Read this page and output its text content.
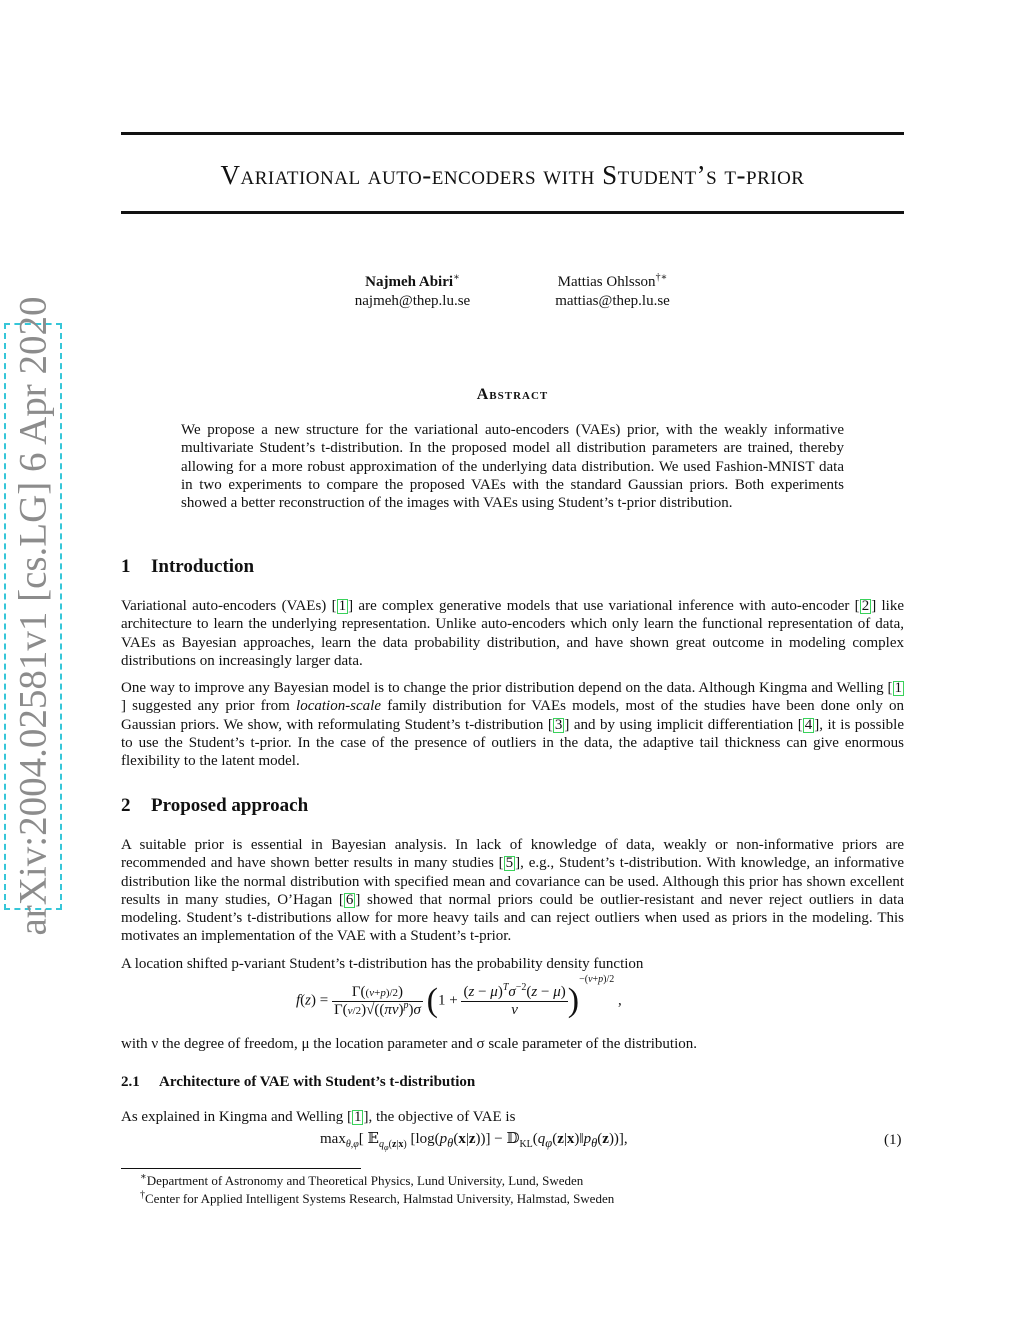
Variational auto-encoders with Student’s t-prior
Najmeh Abiri∗
najmeh@thep.lu.se
Mattias Ohlsson†∗
mattias@thep.lu.se
Abstract
We propose a new structure for the variational auto-encoders (VAEs) prior, with the weakly informative multivariate Student’s t-distribution. In the proposed model all distribution parameters are trained, thereby allowing for a more robust approximation of the underlying data distribution. We used Fashion-MNIST data in two experiments to compare the proposed VAEs with the standard Gaussian priors. Both experiments showed a better reconstruction of the images with VAEs using Student’s t-prior distribution.
1 Introduction
Variational auto-encoders (VAEs) [ 1 ] are complex generative models that use variational inference with auto-encoder [ 2 ] like architecture to learn the underlying representation. Unlike auto-encoders which only learn the functional representation of data, VAEs as Bayesian approaches, learn the data probability distribution, and have shown great outcome in modeling complex distributions on increasingly larger data.
One way to improve any Bayesian model is to change the prior distribution depend on the data. Although Kingma and Welling [ 1] suggested any prior from location-scale family distribution for VAEs models, most of the studies have been done only on Gaussian priors. We show, with reformulating Student’s t-distribution [ 3 ] and by using implicit differentiation [ 4 ], it is possible to use the Student’s t-prior. In the case of the presence of outliers in the data, the adaptive tail thickness can give enormous flexibility to the latent model.
2 Proposed approach
A suitable prior is essential in Bayesian analysis. In lack of knowledge of data, weakly or non-informative priors are recommended and have shown better results in many studies [ 5 ], e.g., Student’s t-distribution. With knowledge, an informative distribution like the normal distribution with specified mean and covariance can be used. Although this prior has shown excellent results in many studies, O’Hagan [ 6 ] showed that normal priors could be outlier-resistant and never reject outliers in data modeling. Student’s t-distributions allow for more heavy tails and can reject outliers when used as priors in the modeling. This motivates an implementation of the VAE with a Student’s t-prior.
A location shifted p-variant Student’s t-distribution has the probability density function
$f(z) = \frac{\Gamma((\nu+p)/2)}{\Gamma(\nu/2)√((\pi\nu)^p)\sigma} (1 + \frac{(z - \mu)^T\sigma^{-2}(z - \mu)}{\nu} )^{-(\nu+p)/2}$ ,
with ν the degree of freedom, μ the location parameter and σ scale parameter of the distribution.
2.1 Architecture of VAE with Student’s t-distribution
As explained in Kingma and Welling [ 1 ], the objective of VAE is
$\max_{\theta,\varphi}$[ 𝔼$_{q_\varphi(z|x)}$ $[\log(p_\theta(x|z))]$ − $𝔻_{KL}(q_\varphi(z|x)‖p_\theta(z))$],	(1)
∗Department of Astronomy and Theoretical Physics, Lund University, Lund, Sweden
†Center for Applied Intelligent Systems Research, Halmstad University, Halmstad, Sweden
arXiv:2004.02581v1 [cs.LG] 6 Apr 2020
